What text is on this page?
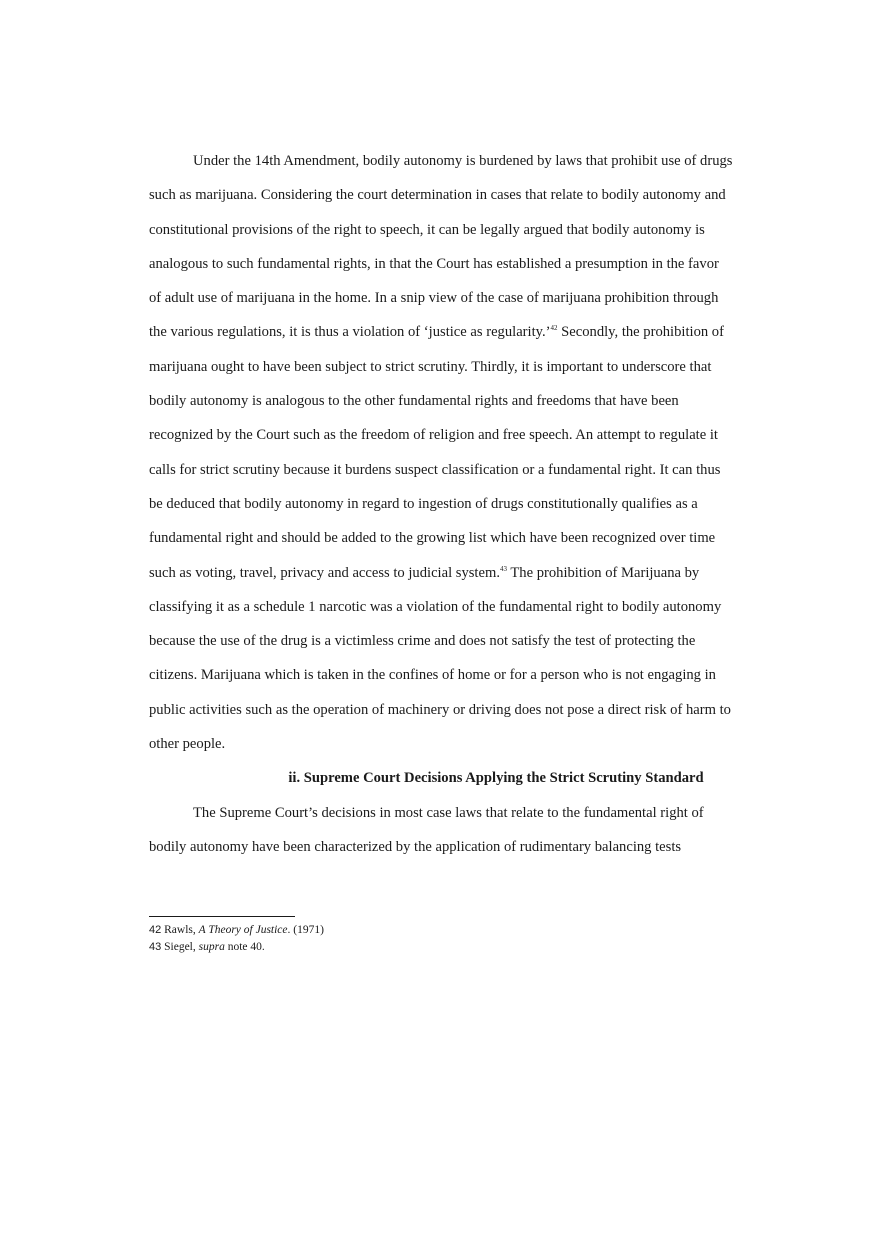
Under the 14th Amendment, bodily autonomy is burdened by laws that prohibit use of drugs such as marijuana. Considering the court determination in cases that relate to bodily autonomy and constitutional provisions of the right to speech, it can be legally argued that bodily autonomy is analogous to such fundamental rights, in that the Court has established a presumption in the favor of adult use of marijuana in the home. In a snip view of the case of marijuana prohibition through the various regulations, it is thus a violation of ‘justice as regularity.’$^{42}$ Secondly, the prohibition of marijuana ought to have been subject to strict scrutiny. Thirdly, it is important to underscore that bodily autonomy is analogous to the other fundamental rights and freedoms that have been recognized by the Court such as the freedom of religion and free speech. An attempt to regulate it calls for strict scrutiny because it burdens suspect classification or a fundamental right. It can thus be deduced that bodily autonomy in regard to ingestion of drugs constitutionally qualifies as a fundamental right and should be added to the growing list which have been recognized over time such as voting, travel, privacy and access to judicial system.$^{43}$ The prohibition of Marijuana by classifying it as a schedule 1 narcotic was a violation of the fundamental right to bodily autonomy because the use of the drug is a victimless crime and does not satisfy the test of protecting the citizens. Marijuana which is taken in the confines of home or for a person who is not engaging in public activities such as the operation of machinery or driving does not pose a direct risk of harm to other people.

ii. Supreme Court Decisions Applying the Strict Scrutiny Standard

The Supreme Court’s decisions in most case laws that relate to the fundamental right of bodily autonomy have been characterized by the application of rudimentary balancing tests

42 Rawls, A Theory of Justice. (1971)

43 Siegel, supra note 40.
